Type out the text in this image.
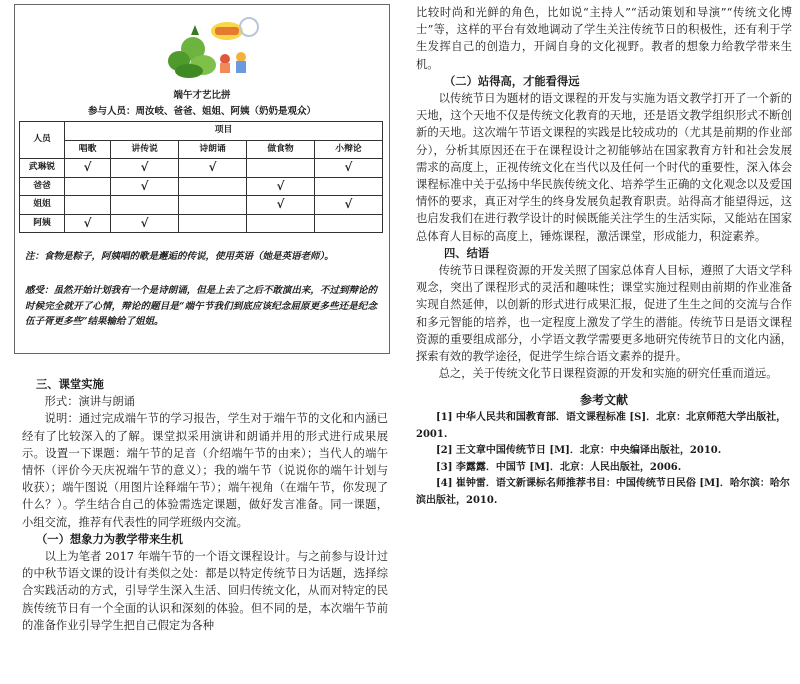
端午才艺比拼
参与人员：周汝岐、爸爸、姐姐、阿姨（奶奶是观众）
人员	项目				
	唱歌	讲传说	诗朗诵	做食物	小辩论
武琳锐	√	√	√		√
爸爸		√		√	
姐姐				√	√
阿姨	√	√			
注：食物是粽子，阿姨唱的歌是邂逅的传说，使用英语（她是英语老师）。
感受：虽然开始计划我有一个是诗朗诵，但是上去了之后不敢演出来，不过到辩论的时候完全就开了心情，辩论的题目是“端午节我们到底应该纪念屈原更多些还是纪念伍子胥更多些”结果输给了姐姐。

三、课堂实施

形式：演讲与朗诵

说明：通过完成端午节的学习报告，学生对于端午节的文化和内涵已经有了比较深入的了解。课堂拟采用演讲和朗诵并用的形式进行成果展示。设置一下课题：端午节的足音（介绍端午节的由来）；当代人的端午情怀（评价今天庆祝端午节的意义）；我的端午节（说说你的端午计划与收获）；端午图说（用图片诠释端午节）；端午视角（在端午节，你发现了什么？）。学生结合自己的体验需选定课题，做好发言准备。同一课题，小组交流，推荐有代表性的同学班级内交流。

（一）想象力为教学带来生机

以上为笔者 2017 年端午节的一个语文课程设计。与之前参与设计过的中秋节语文课的设计有类似之处：都是以特定传统节日为话题，选择综合实践活动的方式，引导学生深入生活、回归传统文化，从而对特定的民族传统节日有一个全面的认识和深刻的体验。但不同的是，本次端午节前的准备作业引导学生把自己假定为各种

比较时尚和光鲜的角色，比如说“主持人”“活动策划和导演”“传统文化博士”等，这样的平台有效地调动了学生关注传统节日的积极性，还有利于学生发挥自己的创造力，开阔自身的文化视野。教者的想象力给教学带来生机。

（二）站得高，才能看得远

以传统节日为题材的语文课程的开发与实施为语文教学打开了一个新的天地，这个天地不仅是传统文化教育的天地，还是语文教学组织形式不断创新的天地。这次端午节语文课程的实践是比较成功的（尤其是前期的作业部分），分析其原因还在于在课程设计之初能够站在国家教育方针和社会发展需求的高度上，正视传统文化在当代以及任何一个时代的重要性，深入体会课程标准中关于弘扬中华民族传统文化、培养学生正确的文化观念以及爱国情怀的要求，真正对学生的终身发展负起教育职责。站得高才能望得远，这也启发我们在进行教学设计的时候既能关注学生的生活实际，又能站在国家总体育人目标的高度上，锤炼课程，激活课堂，形成能力，积淀素养。

四、结语

传统节日课程资源的开发关照了国家总体育人目标，遵照了大语文学科观念，突出了课程形式的灵活和趣味性；课堂实施过程则由前期的作业准备实现自然延伸，以创新的形式进行成果汇报，促进了生生之间的交流与合作和多元智能的培养，也一定程度上激发了学生的潜能。传统节日是语文课程资源的重要组成部分，小学语文教学需要更多地研究传统节日的文化内涵，探索有效的教学途径，促进学生综合语文素养的提升。

总之，关于传统文化节日课程资源的开发和实施的研究任重而道远。

参考文献

[1] 中华人民共和国教育部．语文课程标准 [S]．北京：北京师范大学出版社，2001.

[2] 王文章中国传统节日 [M]．北京：中央编译出版社，2010.

[3] 李露露．中国节 [M]．北京：人民出版社，2006.

[4] 崔钟雷．语文新课标名师推荐书目：中国传统节日民俗 [M]．哈尔滨：哈尔滨出版社，2010.
